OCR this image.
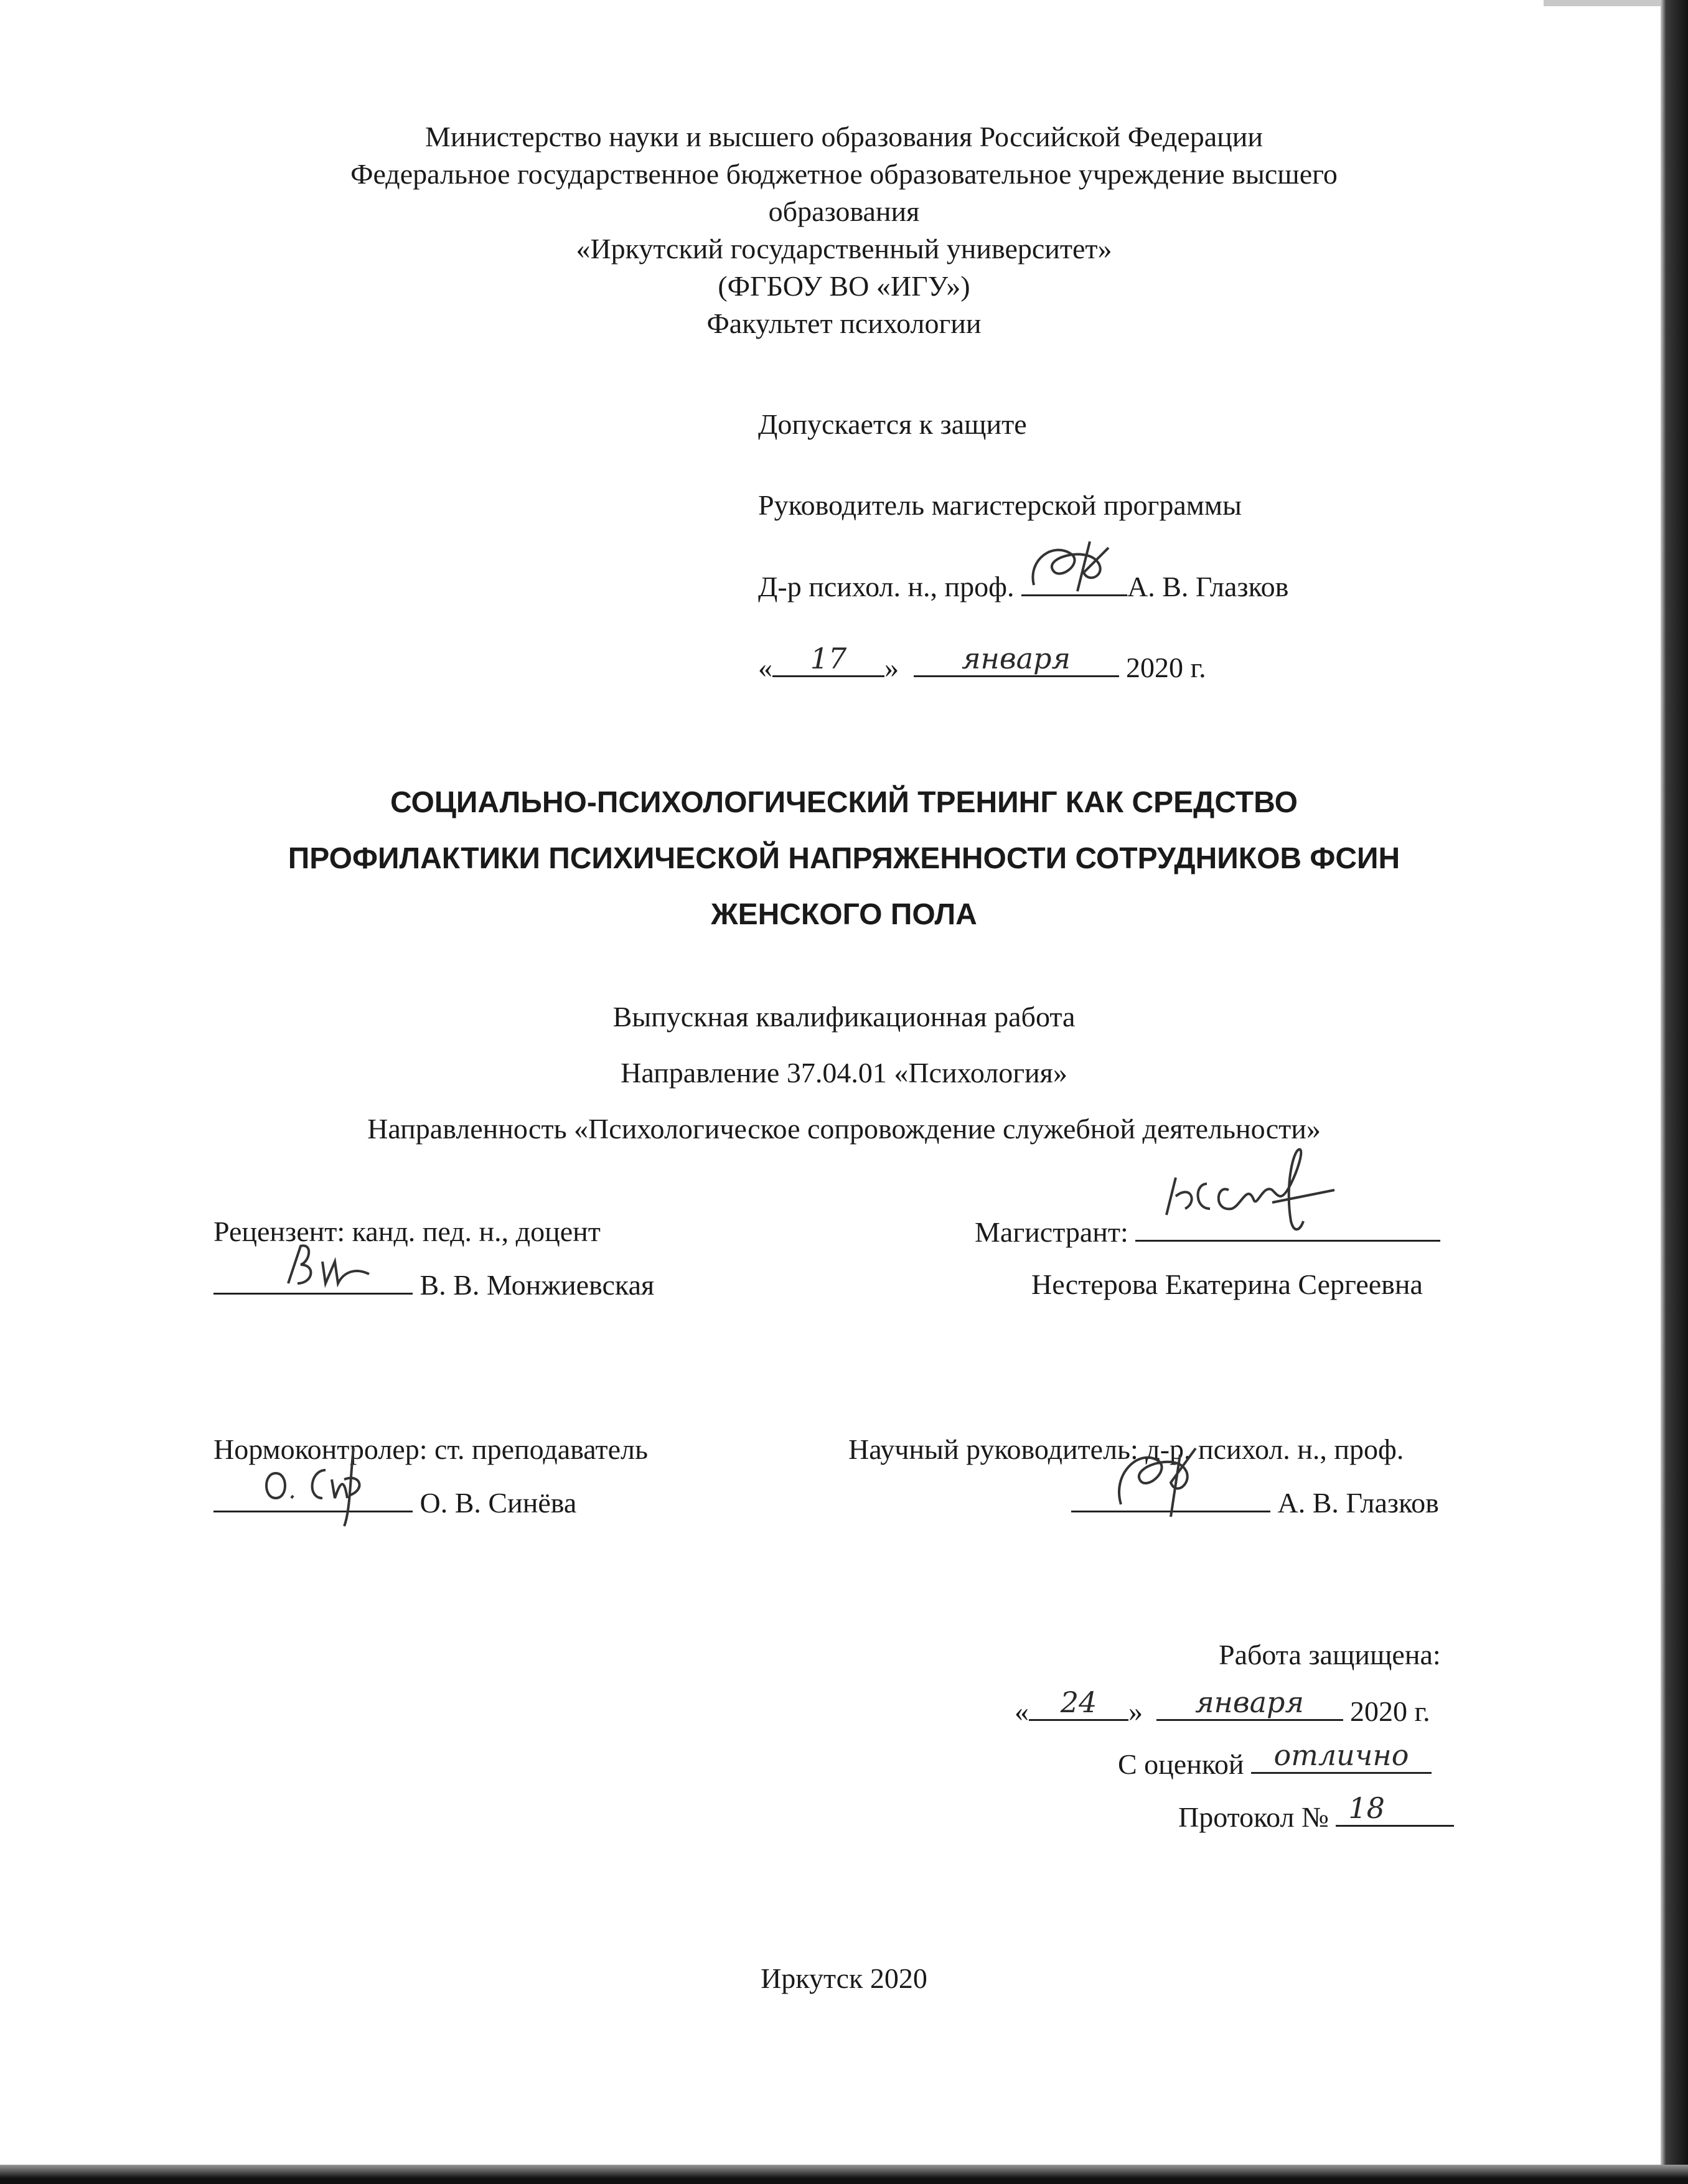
Министерство науки и высшего образования Российской Федерации
Федеральное государственное бюджетное образовательное учреждение высшего
образования
«Иркутский государственный университет»
(ФГБОУ ВО «ИГУ»)
Факультет психологии
Допускается к защите
Руководитель магистерской программы
Д-р психол. н., проф.	А. В. Глазков
«	17	»	января	2020 г.
СОЦИАЛЬНО-ПСИХОЛОГИЧЕСКИЙ ТРЕНИНГ КАК СРЕДСТВО
ПРОФИЛАКТИКИ ПСИХИЧЕСКОЙ НАПРЯЖЕННОСТИ СОТРУДНИКОВ ФСИН
ЖЕНСКОГО ПОЛА
Выпускная квалификационная работа
Направление 37.04.01 «Психология»
Направленность «Психологическое сопровождение служебной деятельности»
Рецензент: канд. пед. н., доцент
В. В. Монжиевская
Магистрант:
Нестерова Екатерина Сергеевна
Нормоконтролер: ст. преподаватель
О. В. Синёва
Научный руководитель: д-р. психол. н., проф.
А. В. Глазков
Работа защищена:
«	24	»	января	2020 г.
С оценкой	отлично
Протокол № 18
Иркутск 2020
